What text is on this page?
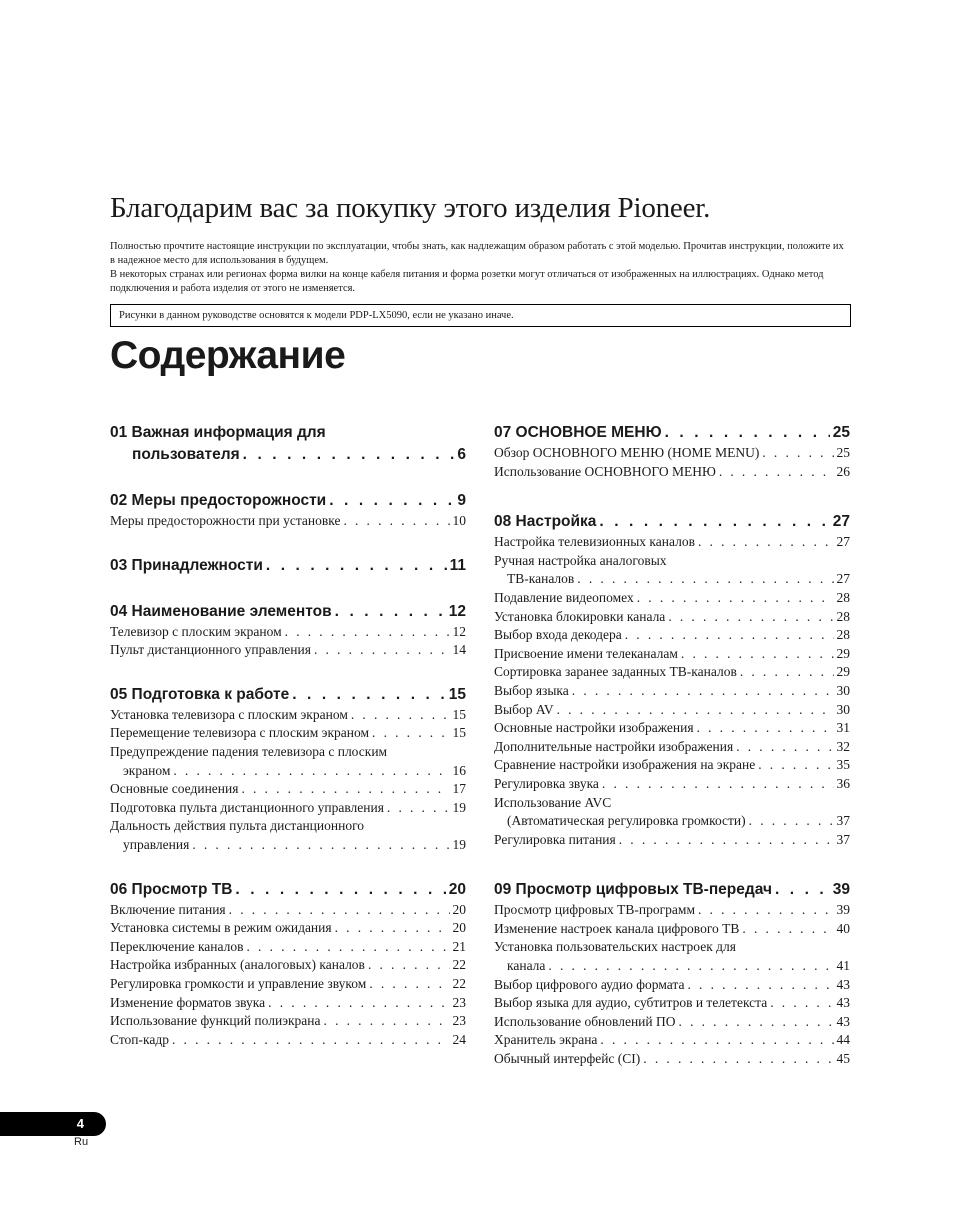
Благодарим вас за покупку этого изделия Pioneer.

Полностью прочтите настоящие инструкции по эксплуатации, чтобы знать, как надлежащим образом работать с этой моделью. Прочитав инструкции, положите их в надежное место для использования в будущем.

В некоторых странах или регионах форма вилки на конце кабеля питания и форма розетки могут отличаться от изображенных на иллюстрациях. Однако метод подключения и работа изделия от этого не изменяется.

Рисунки в данном руководстве основятся к модели PDP-LX5090, если не указано иначе.
Содержание
01 Важная информация для
пользователя . . .	6
02 Меры предосторожности . . .	9
Меры предосторожности при установке . . .	10
03 Принадлежности . . .	11
04 Наименование элементов . . .	12
Телевизор с плоским экраном . . .	12
Пульт дистанционного управления . . .	14
05 Подготовка к работе . . .	15
Установка телевизора с плоским экраном . . .	15
Перемещение телевизора с плоским экраном . . .	15
Предупреждение падения телевизора с плоским
экраном . . .	16
Основные соединения . . .	17
Подготовка пульта дистанционного управления . . .	19
Дальность действия пульта дистанционного
управления . . .	19
06 Просмотр ТВ . . .	20
Включение питания . . .	20
Установка системы в режим ожидания . . .	20
Переключение каналов . . .	21
Настройка избранных (аналоговых) каналов . . .	22
Регулировка громкости и управление звуком . . .	22
Изменение форматов звука . . .	23
Использование функций полиэкрана . . .	23
Стоп-кадр . . .	24
07 ОСНОВНОЕ МЕНЮ . . .	25
Обзор ОСНОВНОГО МЕНЮ (HOME MENU) . . .	25
Использование ОСНОВНОГО МЕНЮ . . .	26
08 Настройка . . .	27
Настройка телевизионных каналов . . .	27
Ручная настройка аналоговых
ТВ-каналов . . .	27
Подавление видеопомех . . .	28
Установка блокировки канала . . .	28
Выбор входа декодера . . .	28
Присвоение имени телеканалам . . .	29
Сортировка заранее заданных ТВ-каналов . . .	29
Выбор языка . . .	30
Выбор AV . . .	30
Основные настройки изображения . . .	31
Дополнительные настройки изображения . . .	32
Сравнение настройки изображения на экране . . .	35
Регулировка звука . . .	36
Использование AVC
(Автоматическая регулировка громкости) . . .	37
Регулировка питания . . .	37
09 Просмотр цифровых ТВ-передач . . .	39
Просмотр цифровых ТВ-программ . . .	39
Изменение настроек канала цифрового ТВ . . .	40
Установка пользовательских настроек для
канала . . .	41
Выбор цифрового аудио формата . . .	43
Выбор языка для аудио, субтитров и телетекста . . .	43
Использование обновлений ПО . . .	43
Хранитель экрана . . .	44
Обычный интерфейс (CI) . . .	45
4
Ru
